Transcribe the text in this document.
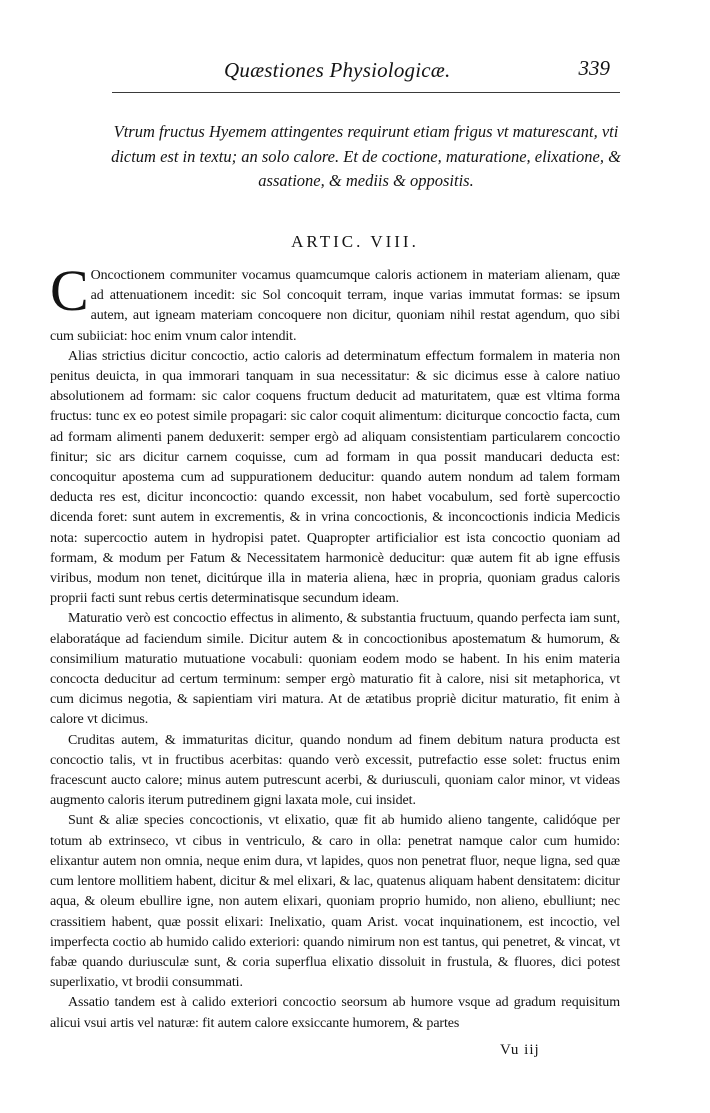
Quæstiones Physiologicæ.	339
Vtrum fructus Hyemem attingentes requirunt etiam frigus vt maturescant, vti dictum est in textu; an solo calore. Et de coctione, maturatione, elixatione, & assatione, & mediis & oppositis.
ARTIC. VIII.

C Oncoctionem communiter vocamus quamcumque caloris actionem in materiam alienam, quæ ad attenuationem incedit: sic Sol concoquit terram, inque varias immutat formas: se ipsum autem, aut igneam materiam concoquere non dicitur, quoniam nihil restat agendum, quo sibi cum subiiciat: hoc enim vnum calor intendit.

Alias strictius dicitur concoctio, actio caloris ad determinatum effectum formalem in materia non penitus deuicta, in qua immorari tanquam in sua necessitatur: & sic dicimus esse à calore natiuo absolutionem ad formam: sic calor coquens fructum deducit ad maturitatem, quæ est vltima forma fructus: tunc ex eo potest simile propagari: sic calor coquit alimentum: diciturque concoctio facta, cum ad formam alimenti panem deduxerit: semper ergò ad aliquam consistentiam particularem concoctio finitur; sic ars dicitur carnem coquisse, cum ad formam in qua possit manducari deducta est: concoquitur apostema cum ad suppurationem deducitur: quando autem nondum ad talem formam deducta res est, dicitur inconcoctio: quando excessit, non habet vocabulum, sed fortè supercoctio dicenda foret: sunt autem in excrementis, & in vrina concoctionis, & inconcoctionis indicia Medicis nota: supercoctio autem in hydropisi patet. Quapropter artificialior est ista concoctio quoniam ad formam, & modum per Fatum & Necessitatem harmonicè deducitur: quæ autem fit ab igne effusis viribus, modum non tenet, dicitúrque illa in materia aliena, hæc in propria, quoniam gradus caloris proprii facti sunt rebus certis determinatisque secundum ideam.

Maturatio verò est concoctio effectus in alimento, & substantia fructuum, quando perfecta iam sunt, elaboratáque ad faciendum simile. Dicitur autem & in concoctionibus apostematum & humorum, & consimilium maturatio mutuatione vocabuli: quoniam eodem modo se habent. In his enim materia concocta deducitur ad certum terminum: semper ergò maturatio fit à calore, nisi sit metaphorica, vt cum dicimus negotia, & sapientiam viri matura. At de ætatibus propriè dicitur maturatio, fit enim à calore vt dicimus.

Cruditas autem, & immaturitas dicitur, quando nondum ad finem debitum natura producta est concoctio talis, vt in fructibus acerbitas: quando verò excessit, putrefactio esse solet: fructus enim fracescunt aucto calore; minus autem putrescunt acerbi, & duriusculi, quoniam calor minor, vt videas augmento caloris iterum putredinem gigni laxata mole, cui insidet.

Sunt & aliæ species concoctionis, vt elixatio, quæ fit ab humido alieno tangente, calidóque per totum ab extrinseco, vt cibus in ventriculo, & caro in olla: penetrat namque calor cum humido: elixantur autem non omnia, neque enim dura, vt lapides, quos non penetrat fluor, neque ligna, sed quæ cum lentore mollitiem habent, dicitur & mel elixari, & lac, quatenus aliquam habent densitatem: dicitur aqua, & oleum ebullire igne, non autem elixari, quoniam proprio humido, non alieno, ebulliunt; nec crassitiem habent, quæ possit elixari: Inelixatio, quam Arist. vocat inquinationem, est incoctio, vel imperfecta coctio ab humido calido exteriori: quando nimirum non est tantus, qui penetret, & vincat, vt fabæ quando duriusculæ sunt, & coria superflua elixatio dissoluit in frustula, & fluores, dici potest superlixatio, vt brodii consummati.

Assatio tandem est à calido exteriori concoctio seorsum ab humore vsque ad gradum requisitum alicui vsui artis vel naturæ: fit autem calore exsiccante humorem, & partes

Vu iij
